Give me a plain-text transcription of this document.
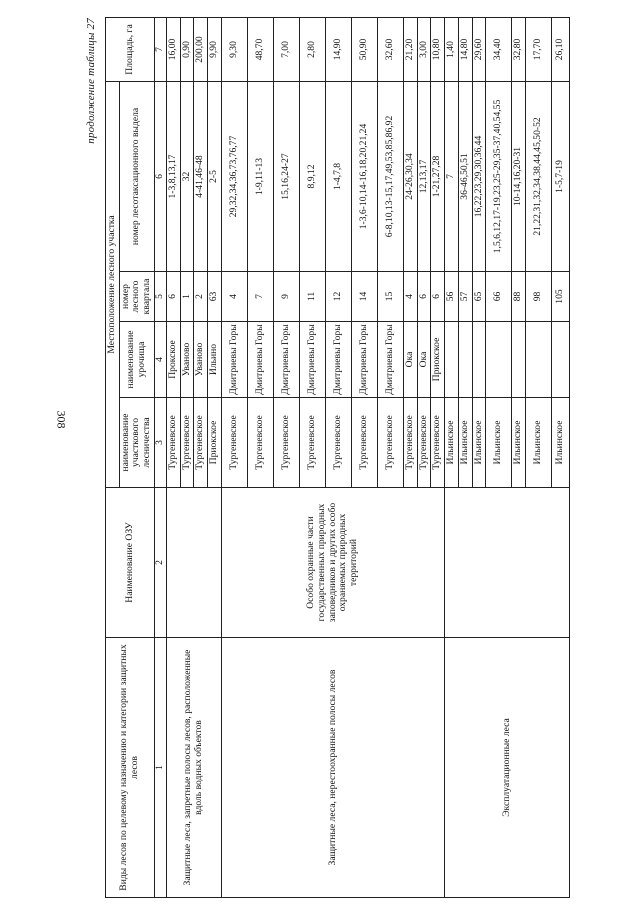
308
продолжение таблицы 27
Виды лесов по целевому назначению и категории защитных лесов	Наименование ОЗУ	Местоположение лесного участка				Площадь, га
		наименование участкового лесничества	наименование урочища	номер лесного квартала	номер лесотаксационного выдела	
1	2	3	4	5	6	7
Защитные леса, запретные полосы лесов, расположенные вдоль водных объектов		Тургеневское	Прокское	6	1-3,8,13,17	16,00
		Тургеневское	Уваново	1	32	0,90
		Тургеневское	Уваново	2	4-41,46-48	200,00
		Приокское	Ильино	63	2-5	9,90
Защитные леса, нерестоохранные полосы лесов	Особо охранные части государственных природных заповедников и других особо охраняемых природных территорий	Тургеневское	Дмитриевы Горы	4	29,32,34,36,73,76,77	9,30
		Тургеневское	Дмитриевы Горы	7	1-9,11-13	48,70
		Тургеневское	Дмитриевы Горы	9	15,16,24-27	7,00
		Тургеневское	Дмитриевы Горы	11	8,9,12	2,80
		Тургеневское	Дмитриевы Горы	12	1-4,7,8	14,90
		Тургеневское	Дмитриевы Горы	14	1-3,6-10,14-16,18,20,21,24	50,90
		Тургеневское	Дмитриевы Горы	15	6-8,10,13-15,17,49,53,85,86,92	32,60
		Тургеневское	Ока	4	24-26,30,34	21,20
		Тургеневское	Ока	6	12,13,17	3,00
		Тургеневское	Приокское	6	1-21,27,28	10,80
Эксплуатационные леса		Ильинское		56	7	1,40
		Ильинское		57	36-46,50,51	14,80
		Ильинское		65	16,22,23,29,30,36,44	29,60
		Ильинское		66	1,5,6,12,17-19,23,25-29,35-37,40,54,55	34,40
		Ильинское		88	10-14,16,20-31	32,80
		Ильинское		98	21,22,31,32,34,38,44,45,50-52	17,70
		Ильинское		105	1-5,7-19	26,10
